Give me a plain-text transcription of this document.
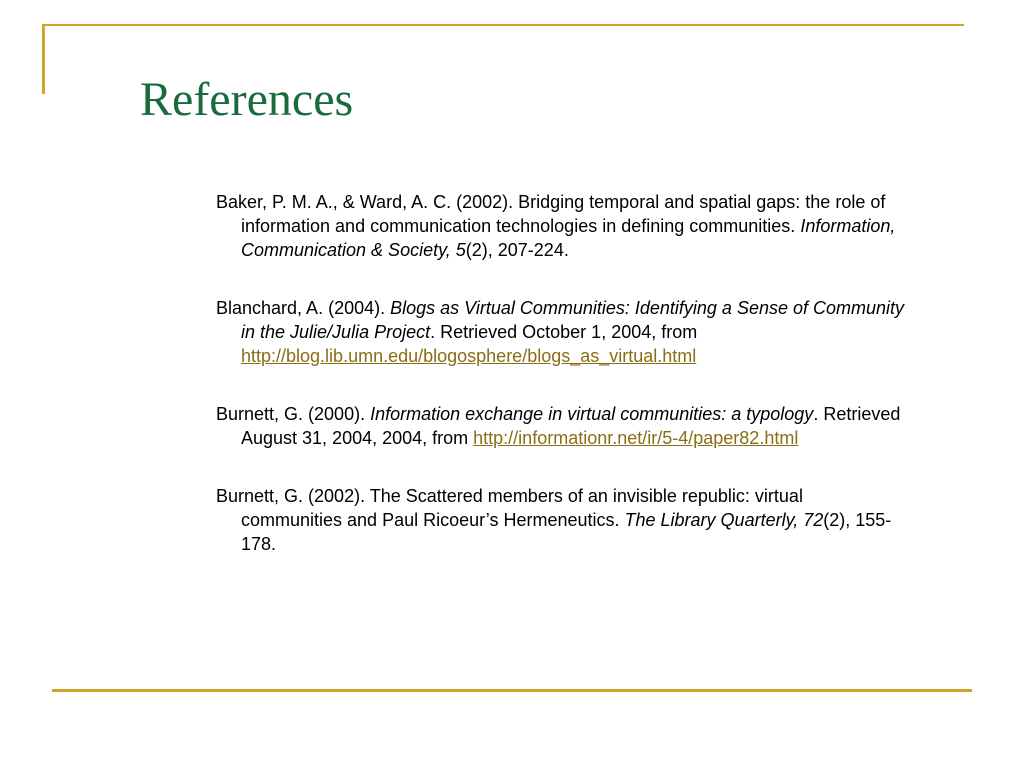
References

Baker, P. M. A., & Ward, A. C. (2002). Bridging temporal and spatial gaps: the role of information and communication technologies in defining communities. Information, Communication & Society, 5(2), 207-224.

Blanchard, A. (2004). Blogs as Virtual Communities: Identifying a Sense of Community in the Julie/Julia Project. Retrieved October 1, 2004, from http://blog.lib.umn.edu/blogosphere/blogs_as_virtual.html

Burnett, G. (2000). Information exchange in virtual communities: a typology. Retrieved August 31, 2004, 2004, from http://informationr.net/ir/5-4/paper82.html

Burnett, G. (2002). The Scattered members of an invisible republic: virtual communities and Paul Ricoeur’s Hermeneutics. The Library Quarterly, 72(2), 155-178.
